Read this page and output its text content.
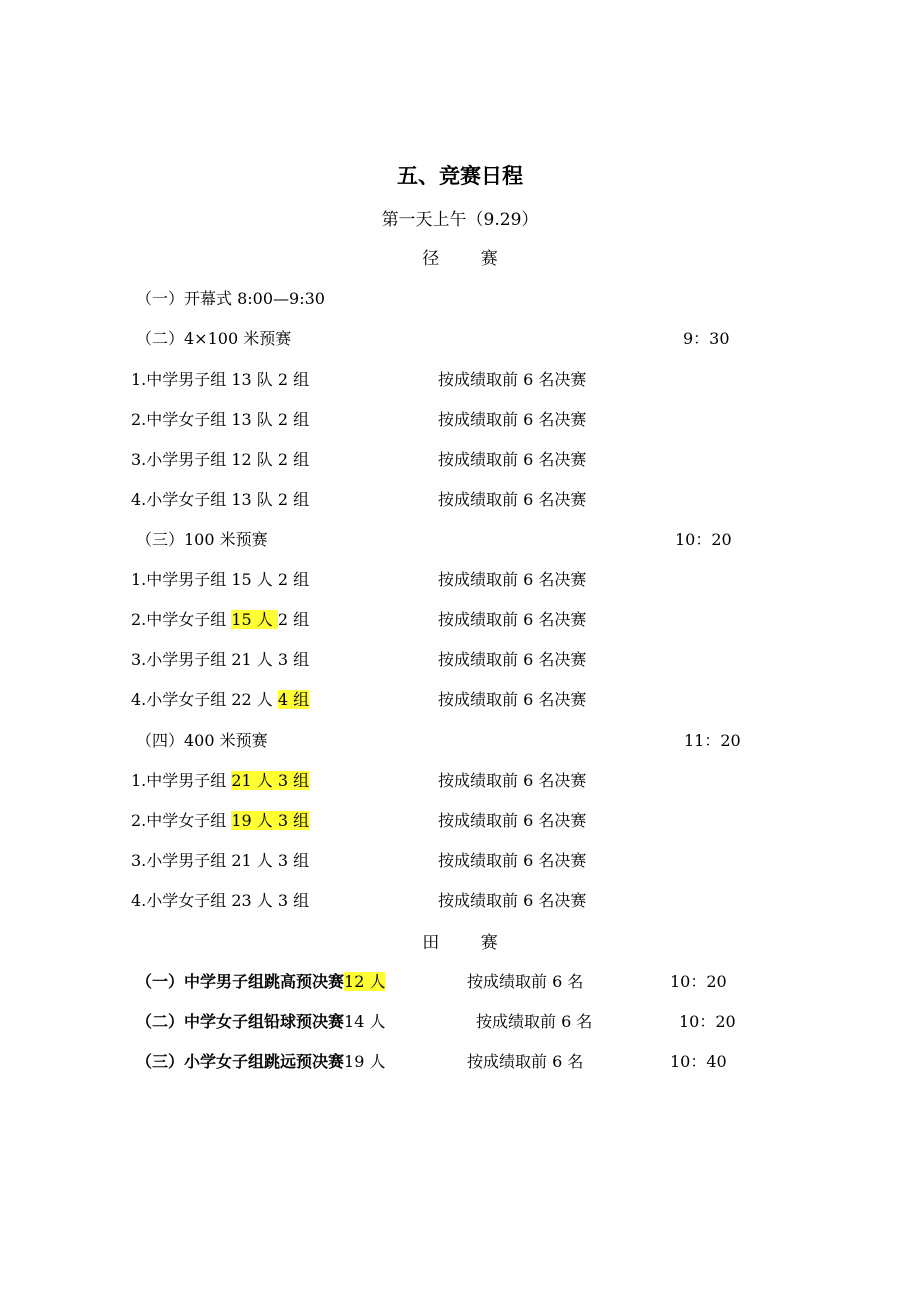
五、竞赛日程
第一天上午（9.29）
径 赛
（一）开幕式 8:00—9:30
（二）4×100 米预赛	9：30
1.中学男子组 13 队 2 组	按成绩取前 6 名决赛
2.中学女子组 13 队 2 组	按成绩取前 6 名决赛
3.小学男子组 12 队 2 组	按成绩取前 6 名决赛
4.小学女子组 13 队 2 组	按成绩取前 6 名决赛
（三）100 米预赛	10：20
1.中学男子组 15 人 2 组	按成绩取前 6 名决赛
2.中学女子组 15 人 2 组	按成绩取前 6 名决赛
3.小学男子组 21 人 3 组	按成绩取前 6 名决赛
4.小学女子组 22 人 4 组	按成绩取前 6 名决赛
（四）400 米预赛	11：20
1.中学男子组 21 人 3 组	按成绩取前 6 名决赛
2.中学女子组 19 人 3 组	按成绩取前 6 名决赛
3.小学男子组 21 人 3 组	按成绩取前 6 名决赛
4.小学女子组 23 人 3 组	按成绩取前 6 名决赛
田 赛
（一）中学男子组跳高预决赛12 人	按成绩取前 6 名	10：20
（二）中学女子组铅球预决赛14 人	按成绩取前 6 名	10：20
（三）小学女子组跳远预决赛19 人	按成绩取前 6 名	10：40
